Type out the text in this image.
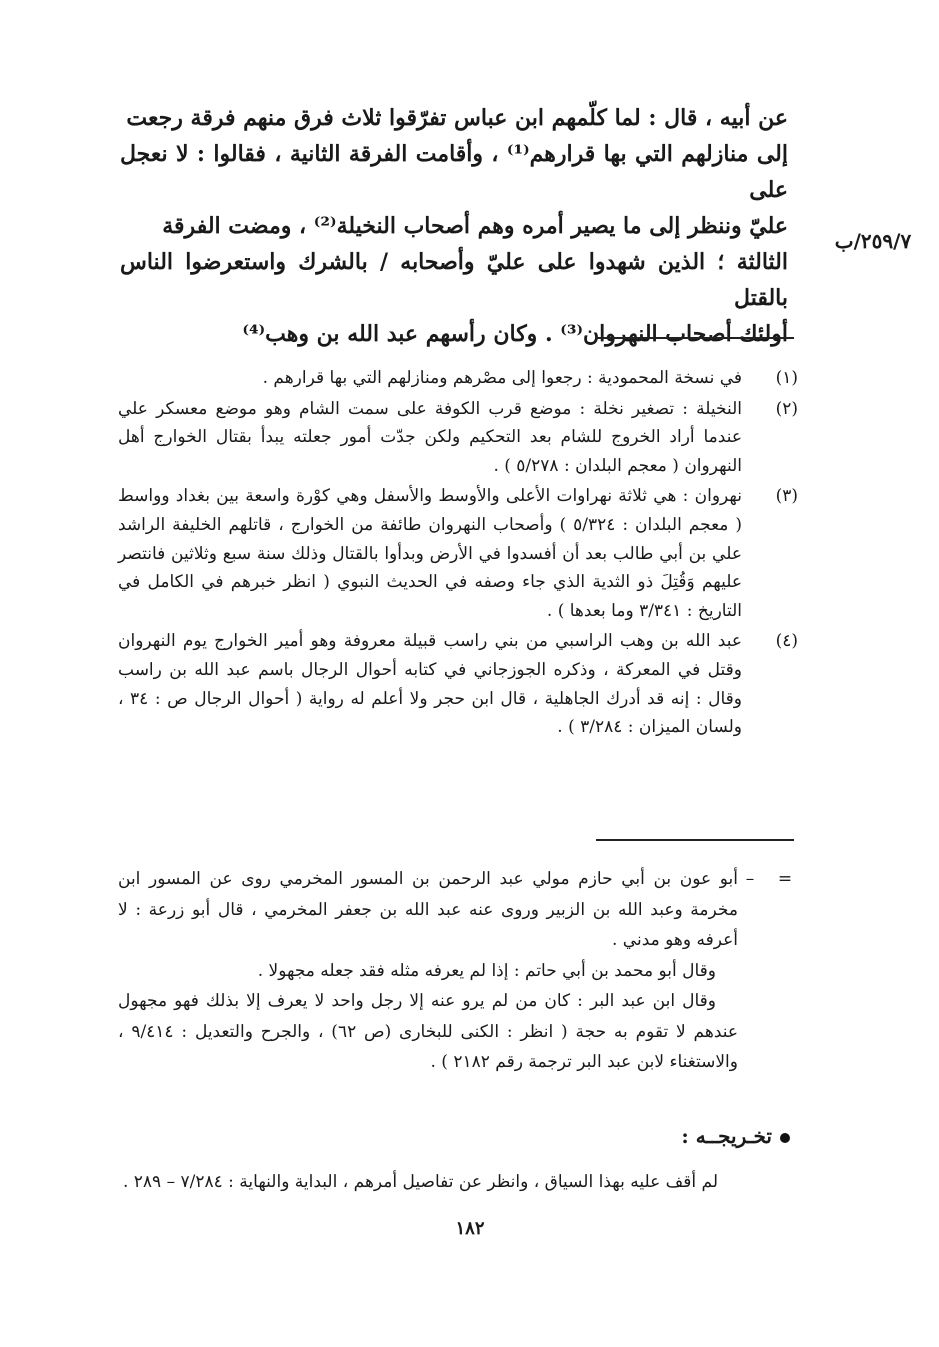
٢٥٩/٧/ب

عن أبيه ، قال : لما كلّمهم ابن عباس تفرّقوا ثلاث فرق منهم فرقة رجعت

إلى منازلهم التي بها قرارهم⁽¹⁾ ، وأقامت الفرقة الثانية ، فقالوا : لا نعجل على

عليّ وننظر إلى ما يصير أمره وهم أصحاب النخيلة⁽²⁾ ، ومضت الفرقة

الثالثة ؛ الذين شهدوا على عليّ وأصحابه / بالشرك واستعرضوا الناس بالقتل

أولئك أصحاب النهروان⁽³⁾ . وكان رأسهم عبد الله بن وهب⁽⁴⁾

(١)
في نسخة المحمودية : رجعوا إلى مصْرهم ومنازلهم التي بها قرارهم .
(٢)
النخيلة : تصغير نخلة : موضع قرب الكوفة على سمت الشام وهو موضع معسكر علي عندما أراد الخروج للشام بعد التحكيم ولكن جدّت أمور جعلته يبدأ بقتال الخوارج أهل النهروان ( معجم البلدان : ٥/٢٧٨ ) .
(٣)
نهروان : هي ثلاثة نهراوات الأعلى والأوسط والأسفل وهي كوْرة واسعة بين بغداد وواسط ( معجم البلدان : ٥/٣٢٤ ) وأصحاب النهروان طائفة من الخوارج ، قاتلهم الخليفة الراشد علي بن أبي طالب بعد أن أفسدوا في الأرض وبدأوا بالقتال وذلك سنة سبع وثلاثين فانتصر عليهم وَقُتِلَ ذو الثدية الذي جاء وصفه في الحديث النبوي ( انظر خبرهم في الكامل في التاريخ : ٣/٣٤١ وما بعدها ) .
(٤)
عبد الله بن وهب الراسبي من بني راسب قبيلة معروفة وهو أمير الخوارج يوم النهروان وقتل في المعركة ، وذكره الجوزجاني في كتابه أحوال الرجال باسم عبد الله بن راسب وقال : إنه قد أدرك الجاهلية ، قال ابن حجر ولا أعلم له رواية ( أحوال الرجال ص : ٣٤ ، ولسان الميزان : ٣/٢٨٤ ) .
=
–
أبو عون بن أبي حازم مولي عبد الرحمن بن المسور المخرمي روى عن المسور ابن مخرمة وعبد الله بن الزبير وروى عنه عبد الله بن جعفر المخرمي ، قال أبو زرعة : لا أعرفه وهو مدني .

وقال أبو محمد بن أبي حاتم : إذا لم يعرفه مثله فقد جعله مجهولا .

وقال ابن عبد البر : كان من لم يرو عنه إلا رجل واحد لا يعرف إلا بذلك فهو مجهول عندهم لا تقوم به حجة ( انظر : الكنى للبخارى (ص ٦٢) ، والجرح والتعديل : ٩/٤١٤ ، والاستغناء لابن عبد البر ترجمة رقم ٢١٨٢ ) .

تخـريجــه :
لم أقف عليه بهذا السياق ، وانظر عن تفاصيل أمرهم ، البداية والنهاية : ٧/٢٨٤ – ٢٨٩ .
١٨٢
